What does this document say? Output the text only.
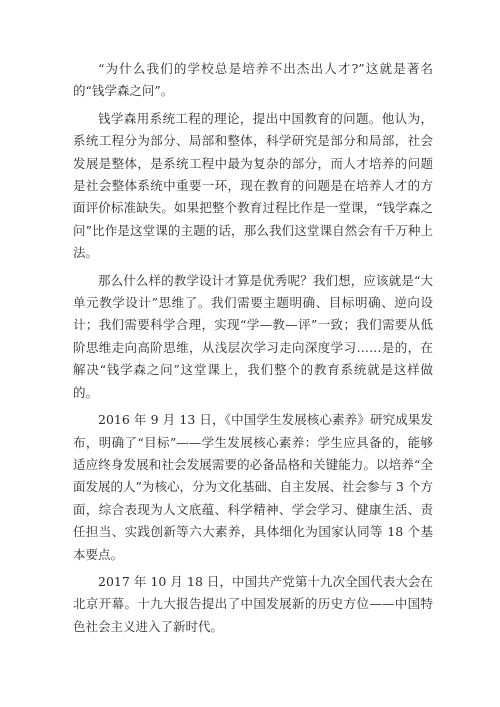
“为什么我们的学校总是培养不出杰出人才?”这就是著名的“钱学森之问”。

钱学森用系统工程的理论，提出中国教育的问题。他认为，系统工程分为部分、局部和整体，科学研究是部分和局部，社会发展是整体，是系统工程中最为复杂的部分，而人才培养的问题是社会整体系统中重要一环，现在教育的问题是在培养人才的方面评价标准缺失。如果把整个教育过程比作是一堂课，“钱学森之问”比作是这堂课的主题的话，那么我们这堂课自然会有千万种上法。

那么什么样的教学设计才算是优秀呢？我们想，应该就是“大单元教学设计”思维了。我们需要主题明确、目标明确、逆向设计；我们需要科学合理，实现“学—教—评”一致；我们需要从低阶思维走向高阶思维，从浅层次学习走向深度学习……是的，在解决“钱学森之问”这堂课上，我们整个的教育系统就是这样做的。

2016 年 9 月 13 日，《中国学生发展核心素养》研究成果发布，明确了“目标”——学生发展核心素养：学生应具备的，能够适应终身发展和社会发展需要的必备品格和关键能力。以培养“全面发展的人”为核心，分为文化基础、自主发展、社会参与 3 个方面，综合表现为人文底蕴、科学精神、学会学习、健康生活、责任担当、实践创新等六大素养，具体细化为国家认同等 18 个基本要点。

2017 年 10 月 18 日，中国共产党第十九次全国代表大会在北京开幕。十九大报告提出了中国发展新的历史方位——中国特色社会主义进入了新时代。
